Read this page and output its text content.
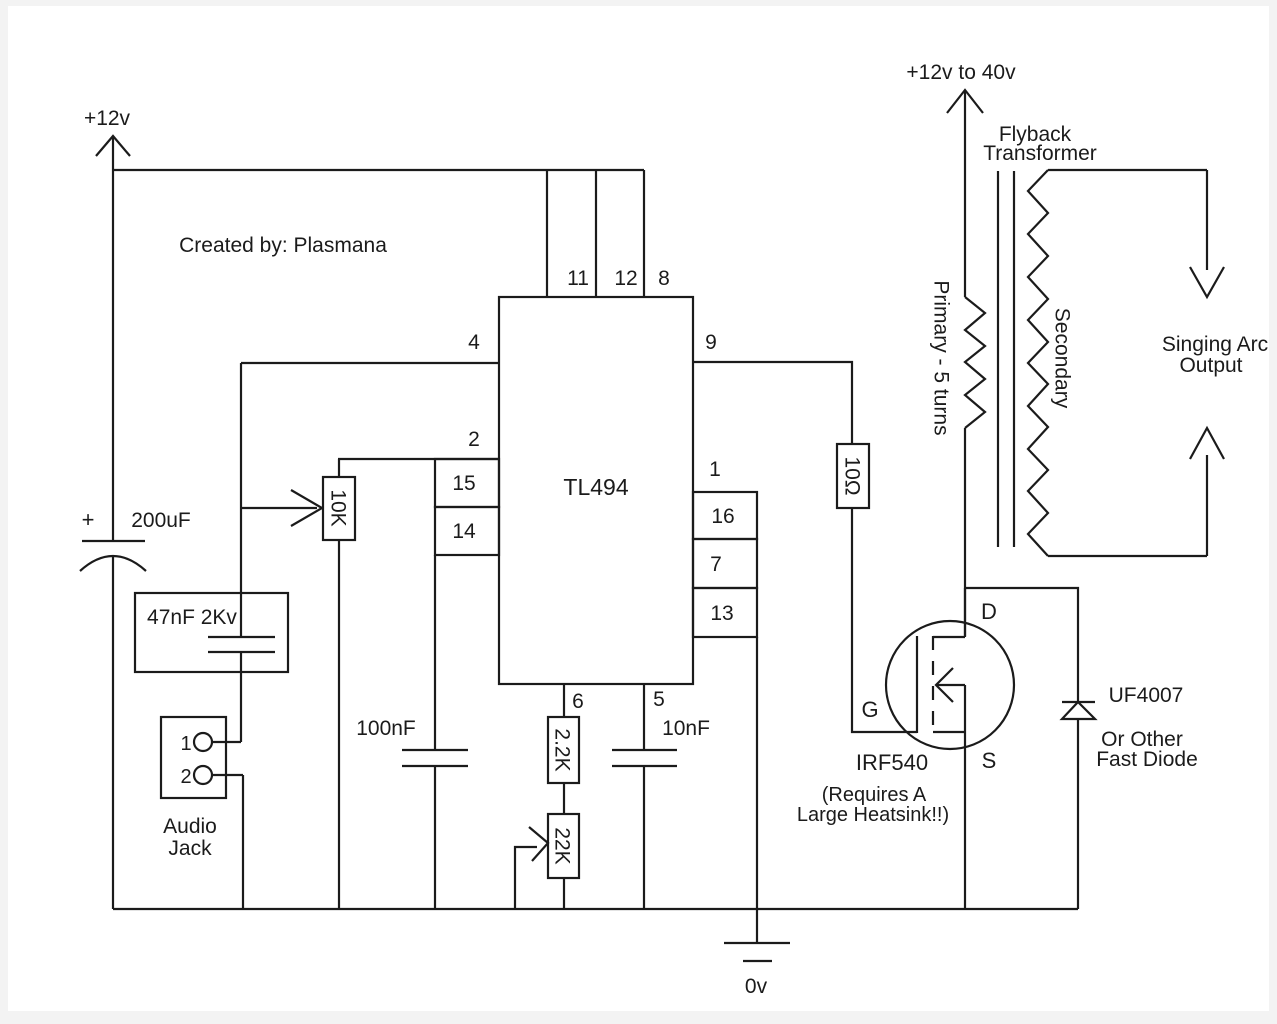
+12v
Created by: Plasmana
+ 200uF	10K
TL494
11 12 8
4
2
15
14
9
1
16
7
13
6	5
100nF
47nF 2Kv
1
2
Audio
Jack
2.2K
22K
10nF
10Ω
0v
G
D
S
IRF540
(Requires A
Large Heatsink!!)
UF4007
Or Other
Fast Diode
+12v to 40v
Flyback
Transformer
Primary - 5 turns	Secondary	Singing Arc
Output
